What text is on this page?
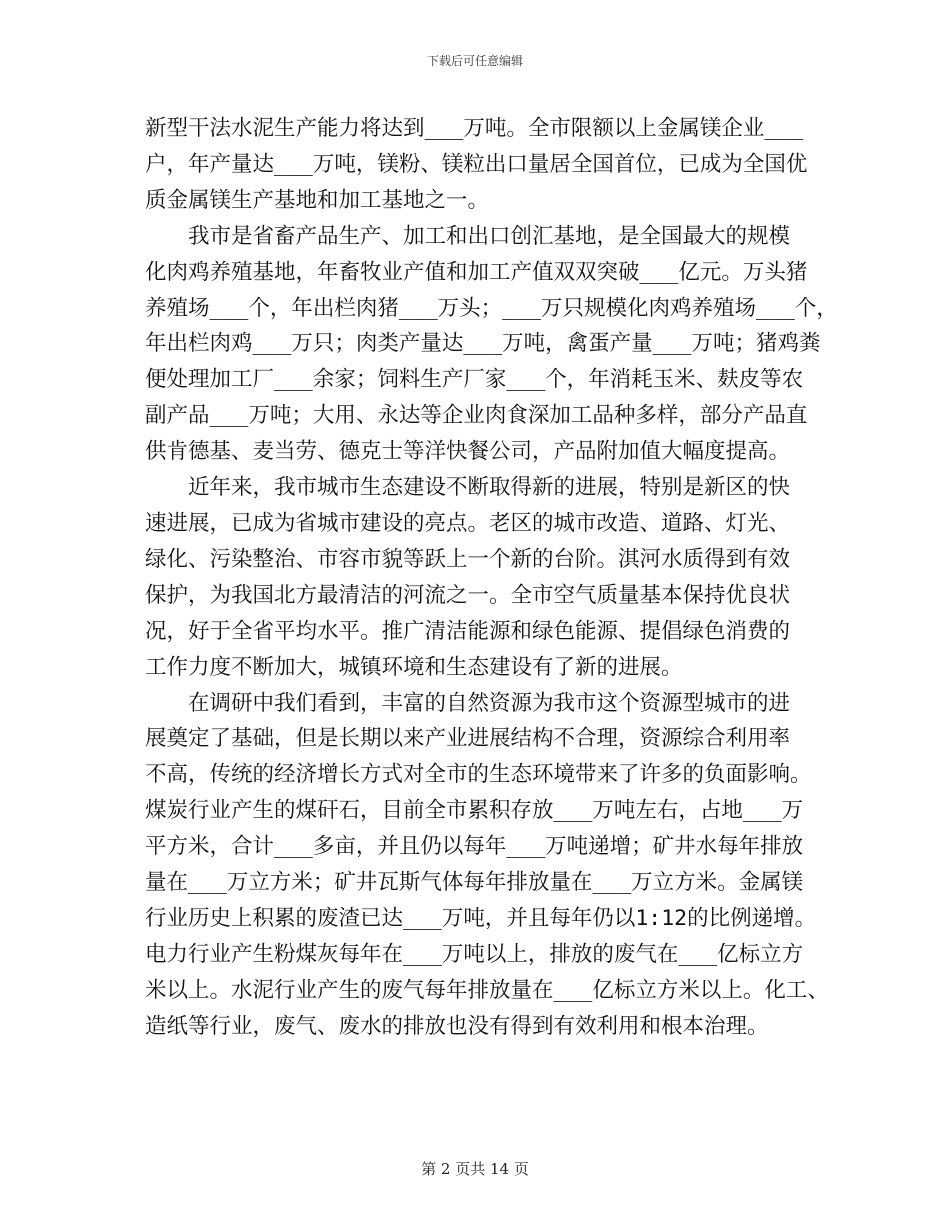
下载后可任意编辑

新型干法水泥生产能力将达到___万吨。全市限额以上金属镁企业___
户，年产量达___万吨，镁粉、镁粒出口量居全国首位，已成为全国优
质金属镁生产基地和加工基地之一。

我市是省畜产品生产、加工和出口创汇基地，是全国最大的规模
化肉鸡养殖基地，年畜牧业产值和加工产值双双突破___亿元。万头猪
养殖场___个，年出栏肉猪___万头；___万只规模化肉鸡养殖场___个，
年出栏肉鸡___万只；肉类产量达___万吨，禽蛋产量___万吨；猪鸡粪
便处理加工厂___余家；饲料生产厂家___个，年消耗玉米、麸皮等农
副产品___万吨；大用、永达等企业肉食深加工品种多样，部分产品直
供肯德基、麦当劳、德克士等洋快餐公司，产品附加值大幅度提高。

近年来，我市城市生态建设不断取得新的进展，特别是新区的快
速进展，已成为省城市建设的亮点。老区的城市改造、道路、灯光、
绿化、污染整治、市容市貌等跃上一个新的台阶。淇河水质得到有效
保护，为我国北方最清洁的河流之一。全市空气质量基本保持优良状
况，好于全省平均水平。推广清洁能源和绿色能源、提倡绿色消费的
工作力度不断加大，城镇环境和生态建设有了新的进展。

在调研中我们看到，丰富的自然资源为我市这个资源型城市的进
展奠定了基础，但是长期以来产业进展结构不合理，资源综合利用率
不高，传统的经济增长方式对全市的生态环境带来了许多的负面影响。
煤炭行业产生的煤矸石，目前全市累积存放___万吨左右，占地___万
平方米，合计___多亩，并且仍以每年___万吨递增；矿井水每年排放
量在___万立方米；矿井瓦斯气体每年排放量在___万立方米。金属镁
行业历史上积累的废渣已达___万吨，并且每年仍以1:12的比例递增。
电力行业产生粉煤灰每年在___万吨以上，排放的废气在___亿标立方
米以上。水泥行业产生的废气每年排放量在___亿标立方米以上。化工、
造纸等行业，废气、废水的排放也没有得到有效利用和根本治理。

第 2 页共 14 页
